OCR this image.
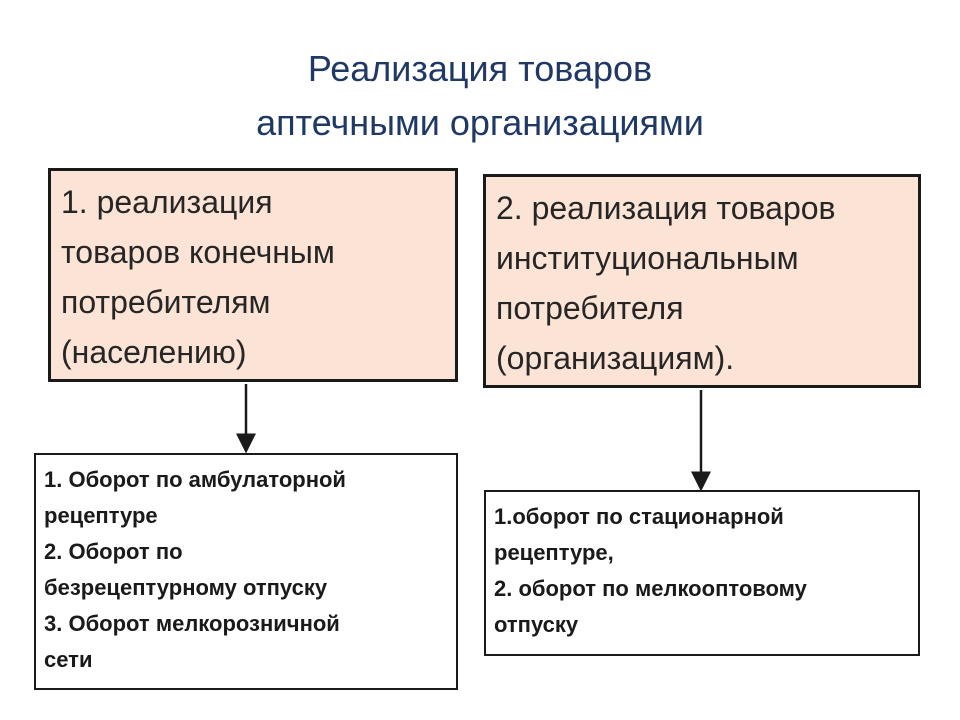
Реализация товаров
аптечными организациями
1. реализация
товаров конечным
потребителям
(населению)
2. реализация товаров
институциональным
потребителя
(организациям).
1. Оборот по амбулаторной
рецептуре
2. Оборот по
безрецептурному отпуску
3. Оборот мелкорозничной
сети
1.оборот по стационарной
рецептуре,
2. оборот по мелкооптовому
отпуску
